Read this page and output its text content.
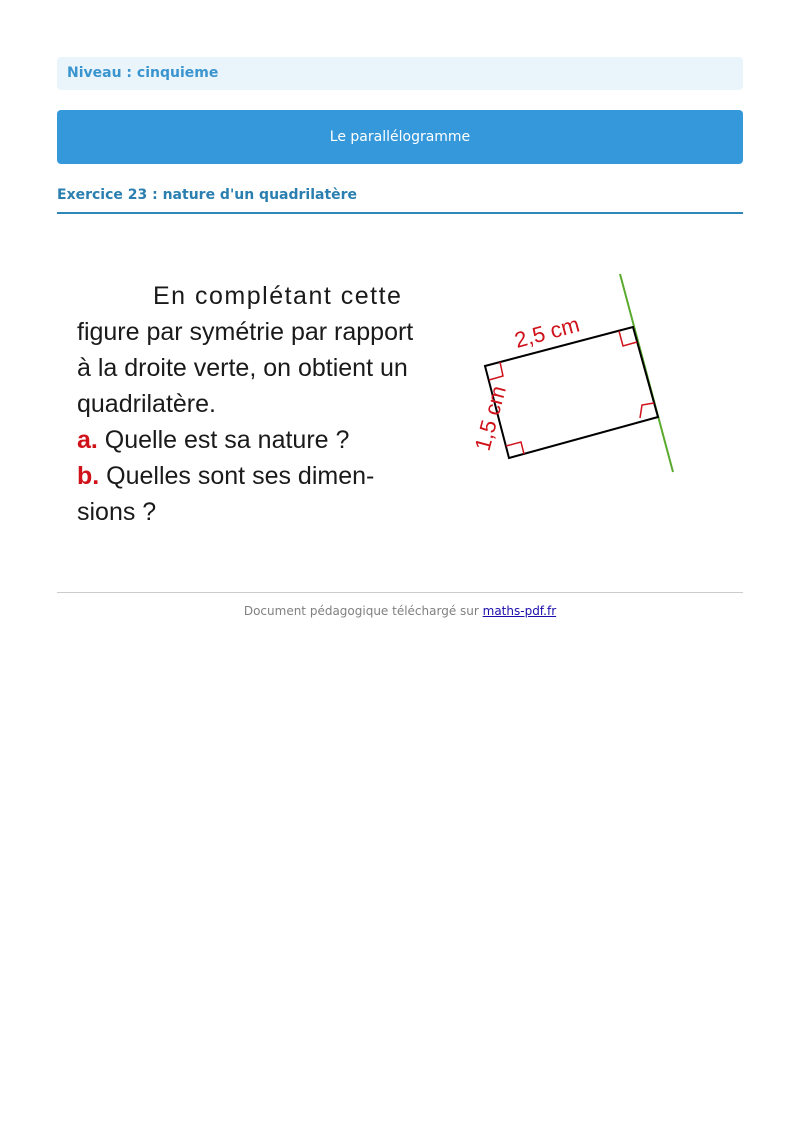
Niveau : cinquieme
Le parallélogramme
Exercice 23 : nature d'un quadrilatère

En complétant cette

figure par symétrie par rapport

à la droite verte, on obtient un

quadrilatère.

a. Quelle est sa nature ?

b. Quelles sont ses dimen-

sions ?

2,5 cm
1,5 cm
Document pédagogique téléchargé sur maths-pdf.fr
